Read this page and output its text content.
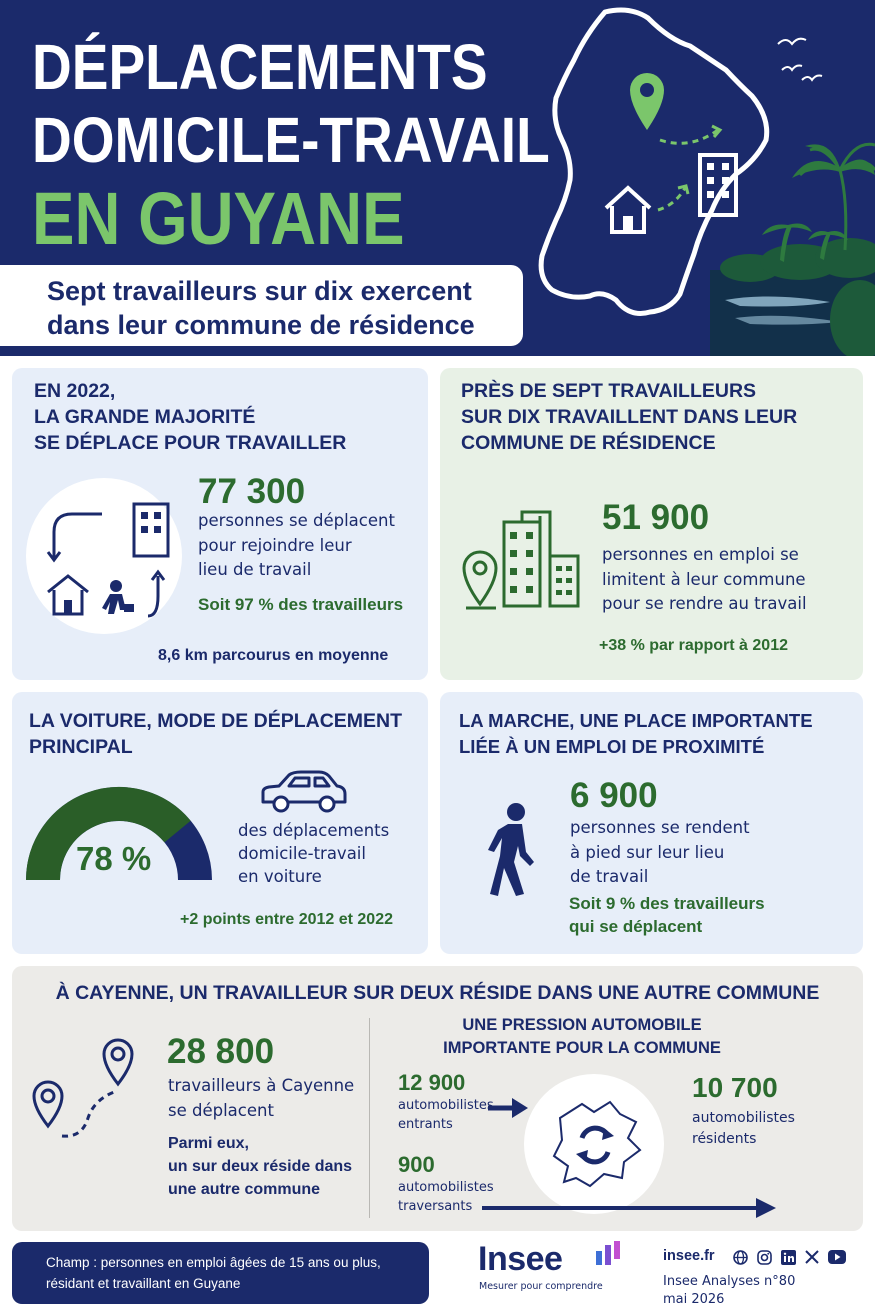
DÉPLACEMENTS
DOMICILE-TRAVAIL
EN GUYANE
Sept travailleurs sur dix exercent
dans leur commune de résidence
EN 2022,
LA GRANDE MAJORITÉ
SE DÉPLACE POUR TRAVAILLER
77 300
personnes se déplacent
pour rejoindre leur
lieu de travail
Soit 97 % des travailleurs
8,6 km parcourus en moyenne
PRÈS DE SEPT TRAVAILLEURS
SUR DIX TRAVAILLENT DANS LEUR
COMMUNE DE RÉSIDENCE
51 900
personnes en emploi se
limitent à leur commune
pour se rendre au travail
+38 % par rapport à 2012
LA VOITURE, MODE DE DÉPLACEMENT
PRINCIPAL
78 %
des déplacements
domicile-travail
en voiture
+2 points entre 2012 et 2022
LA MARCHE, UNE PLACE IMPORTANTE
LIÉE À UN EMPLOI DE PROXIMITÉ
6 900
personnes se rendent
à pied sur leur lieu
de travail
Soit 9 % des travailleurs
qui se déplacent
À CAYENNE, UN TRAVAILLEUR SUR DEUX RÉSIDE DANS UNE AUTRE COMMUNE
28 800
travailleurs à Cayenne
se déplacent
Parmi eux,
un sur deux réside dans
une autre commune
UNE PRESSION AUTOMOBILE
IMPORTANTE POUR LA COMMUNE
12 900
automobilistes
entrants
10 700
automobilistes
résidents
900
automobilistes
traversants
Champ : personnes en emploi âgées de 15 ans ou plus,
résidant et travaillant en Guyane
Insee
Mesurer pour comprendre
insee.fr
Insee Analyses n°80
mai 2026
